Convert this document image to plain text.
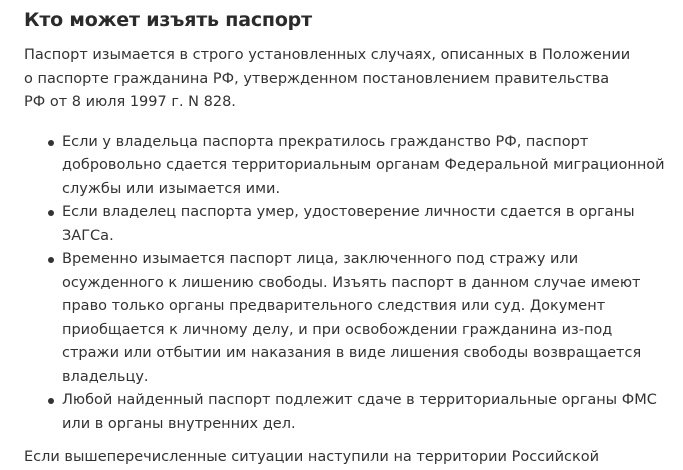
Кто может изъять паспорт

Паспорт изымается в строго установленных случаях, описанных в Положении
о паспорте гражданина РФ, утвержденном постановлением правительства
РФ от 8 июля 1997 г. N 828.

Если у владельца паспорта прекратилось гражданство РФ, паспорт
добровольно сдается территориальным органам Федеральной миграционной
службы или изымается ими.
Если владелец паспорта умер, удостоверение личности сдается в органы
ЗАГСа.
Временно изымается паспорт лица, заключенного под стражу или
осужденного к лишению свободы. Изъять паспорт в данном случае имеют
право только органы предварительного следствия или суд. Документ
приобщается к личному делу, и при освобождении гражданина из-под
стражи или отбытии им наказания в виде лишения свободы возвращается
владельцу.
Любой найденный паспорт подлежит сдаче в территориальные органы ФМС
или в органы внутренних дел.

Если вышеперечисленные ситуации наступили на территории Российской
